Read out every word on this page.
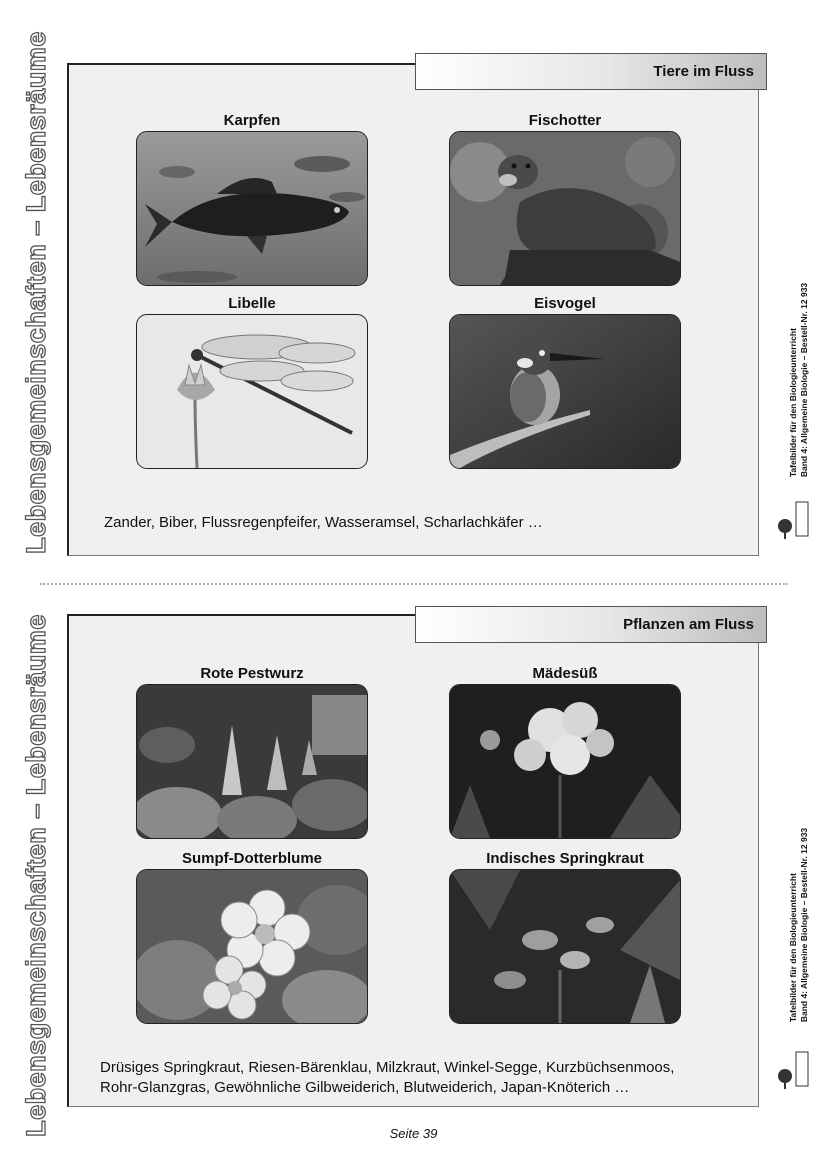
Lebensgemeinschaften – Lebensräume
Lebensgemeinschaften – Lebensräume
Tiere im Fluss
Karpfen	Fischotter
Libelle	Eisvogel
Zander, Biber, Flussregenpfeifer, Wasseramsel, Scharlachkäfer …
Tafelbilder für den Biologieunterricht Band 4: Allgemeine Biologie – Bestell-Nr. 12 933
Pflanzen am Fluss
Rote Pestwurz	Mädesüß
Sumpf-Dotterblume	Indisches Springkraut
Drüsiges Springkraut, Riesen-Bärenklau, Milzkraut, Winkel-Segge, Kurzbüchsenmoos,
Rohr-Glanzgras, Gewöhnliche Gilbweiderich, Blutweiderich, Japan-Knöterich …
Tafelbilder für den Biologieunterricht Band 4: Allgemeine Biologie – Bestell-Nr. 12 933
Seite 39
